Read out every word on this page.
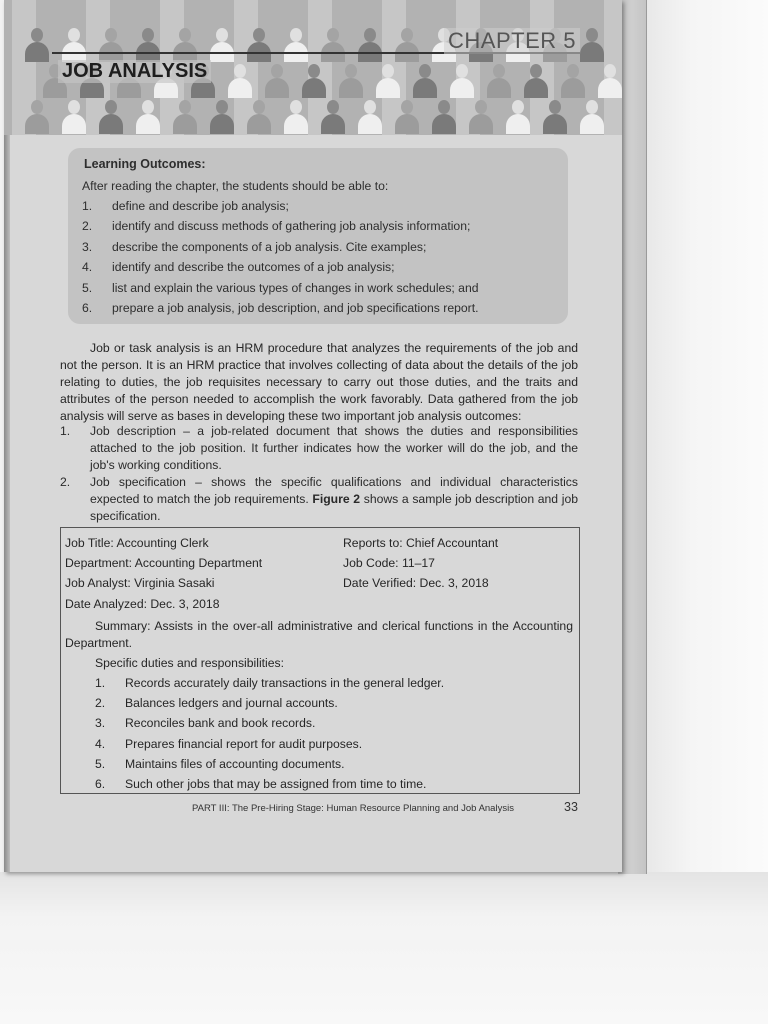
CHAPTER 5
JOB ANALYSIS
Learning Outcomes:
After reading the chapter, the students should be able to:
1.	define and describe job analysis;
2.	identify and discuss methods of gathering job analysis information;
3.	describe the components of a job analysis. Cite examples;
4.	identify and describe the outcomes of a job analysis;
5.	list and explain the various types of changes in work schedules; and
6.	prepare a job analysis, job description, and job specifications report.
Job or task analysis is an HRM procedure that analyzes the requirements of the job and not the person. It is an HRM practice that involves collecting of data about the details of the job relating to duties, the job requisites necessary to carry out those duties, and the traits and attributes of the person needed to accomplish the work favorably. Data gathered from the job analysis will serve as bases in developing these two important job analysis outcomes:
1. Job description – a job-related document that shows the duties and responsibilities attached to the job position. It further indicates how the worker will do the job, and the job's working conditions.
2. Job specification – shows the specific qualifications and individual characteristics expected to match the job requirements. Figure 2 shows a sample job description and job specification.
Job Title: Accounting Clerk	Reports to: Chief Accountant
Department: Accounting Department	Job Code: 11–17
Job Analyst: Virginia Sasaki	Date Verified: Dec. 3, 2018
Date Analyzed: Dec. 3, 2018
Summary: Assists in the over-all administrative and clerical functions in the Accounting Department.
Specific duties and responsibilities:
1. Records accurately daily transactions in the general ledger.
2. Balances ledgers and journal accounts.
3. Reconciles bank and book records.
4. Prepares financial report for audit purposes.
5. Maintains files of accounting documents.
6. Such other jobs that may be assigned from time to time.
PART III: The Pre-Hiring Stage: Human Resource Planning and Job Analysis	33
